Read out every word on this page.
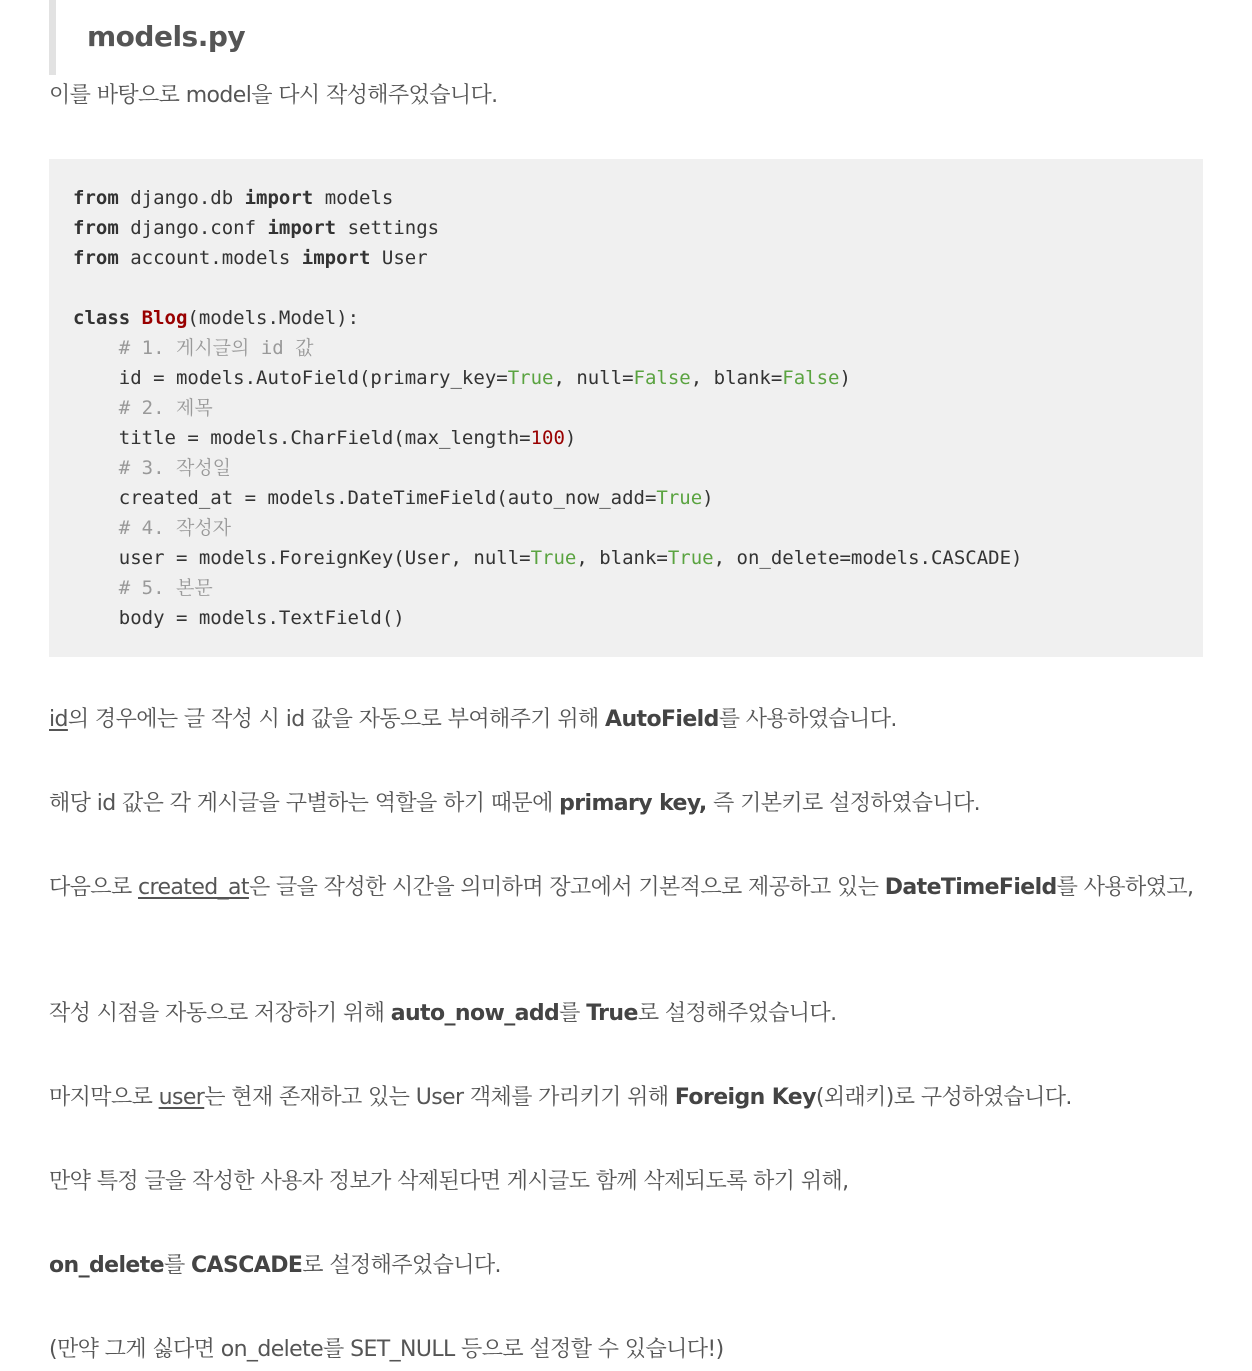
models.py

이를 바탕으로 model을 다시 작성해주었습니다.

from django.db import models
from django.conf import settings
from account.models import User

class Blog(models.Model):
# 1. 게시글의 id 값
id = models.AutoField(primary_key=True, null=False, blank=False)
# 2. 제목
title = models.CharField(max_length=100)
# 3. 작성일
created_at = models.DateTimeField(auto_now_add=True)
# 4. 작성자
user = models.ForeignKey(User, null=True, blank=True, on_delete=models.CASCADE)
# 5. 본문
body = models.TextField()

id의 경우에는 글 작성 시 id 값을 자동으로 부여해주기 위해 AutoField를 사용하였습니다.

해당 id 값은 각 게시글을 구별하는 역할을 하기 때문에 primary key, 즉 기본키로 설정하였습니다.

다음으로 created_at은 글을 작성한 시간을 의미하며 장고에서 기본적으로 제공하고 있는 DateTimeField를 사용하였고,

작성 시점을 자동으로 저장하기 위해 auto_now_add를 True로 설정해주었습니다.

마지막으로 user는 현재 존재하고 있는 User 객체를 가리키기 위해 Foreign Key(외래키)로 구성하였습니다.

만약 특정 글을 작성한 사용자 정보가 삭제된다면 게시글도 함께 삭제되도록 하기 위해,

on_delete를 CASCADE로 설정해주었습니다.

(만약 그게 싫다면 on_delete를 SET_NULL 등으로 설정할 수 있습니다!)
